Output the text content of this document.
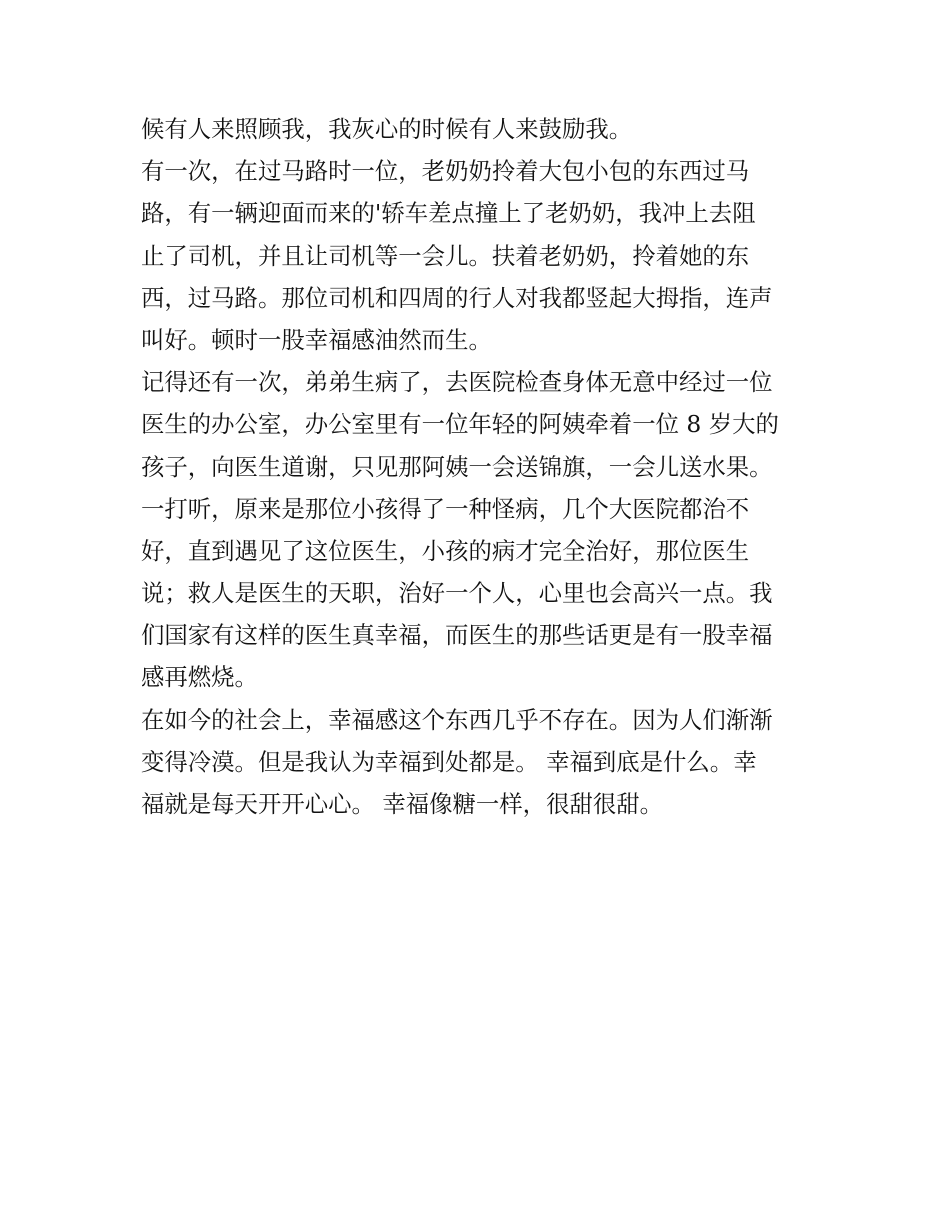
候有人来照顾我，我灰心的时候有人来鼓励我。
有一次，在过马路时一位，老奶奶拎着大包小包的东西过马
路，有一辆迎面而来的'轿车差点撞上了老奶奶，我冲上去阻
止了司机，并且让司机等一会儿。扶着老奶奶，拎着她的东
西，过马路。那位司机和四周的行人对我都竖起大拇指，连声
叫好。顿时一股幸福感油然而生。
记得还有一次，弟弟生病了，去医院检查身体无意中经过一位
医生的办公室，办公室里有一位年轻的阿姨牵着一位 8 岁大的
孩子，向医生道谢，只见那阿姨一会送锦旗，一会儿送水果。
一打听，原来是那位小孩得了一种怪病，几个大医院都治不
好，直到遇见了这位医生，小孩的病才完全治好，那位医生
说；救人是医生的天职，治好一个人，心里也会高兴一点。我
们国家有这样的医生真幸福，而医生的那些话更是有一股幸福
感再燃烧。
在如今的社会上，幸福感这个东西几乎不存在。因为人们渐渐
变得冷漠。但是我认为幸福到处都是。 幸福到底是什么。幸
福就是每天开开心心。 幸福像糖一样，很甜很甜。
